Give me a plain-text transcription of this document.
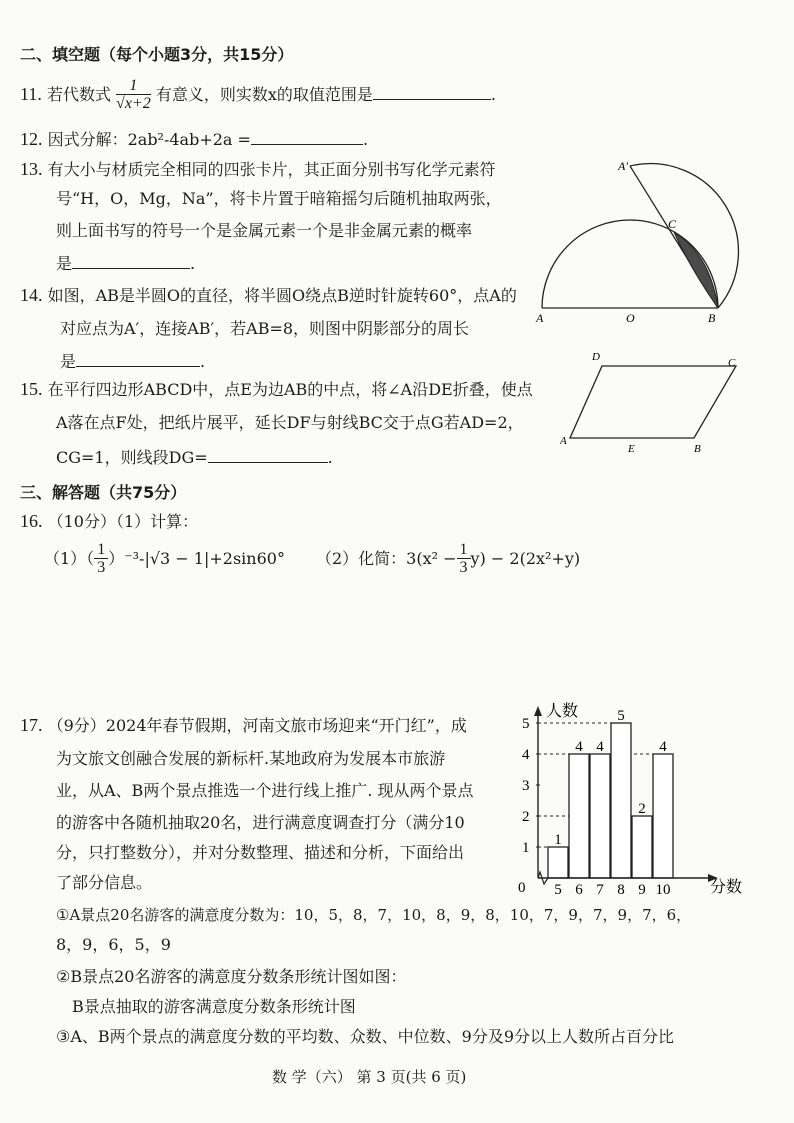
二、填空题（每个小题3分，共15分）
11. 若代数式 $\frac{1}{√x+2}$ 有意义，则实数x的取值范围是	.
12. 因式分解：2ab²-4ab+2a =	.
13. 有大小与材质完全相同的四张卡片，其正面分别书写化学元素符
号“H，O，Mg，Na”，将卡片置于暗箱摇匀后随机抽取两张，
则上面书写的符号一个是金属元素一个是非金属元素的概率
是	.
14. 如图，AB是半圆O的直径，将半圆O绕点B逆时针旋转60°，点A的
对应点为A′，连接AB′，若AB=8，则图中阴影部分的周长
是	.
15. 在平行四边形ABCD中，点E为边AB的中点，将∠A沿DE折叠，使点
A落在点F处，把纸片展平，延长DF与射线BC交于点G若AD=2，
CG=1，则线段DG=	.
三、解答题（共75分）
16. （10分）（1）计算：
$(1)( \frac{1}{3} )^{-3}-|√3 - 1|+2\sin 60^\circ$ （2）化简：$3(x^2 - \frac{1}{3} y) - 2(2x^2+y)$
17. （9分）2024年春节假期，河南文旅市场迎来“开门红”，成
为文旅文创融合发展的新标杆.某地政府为发展本市旅游
业，从A、B两个景点推选一个进行线上推广. 现从两个景点
的游客中各随机抽取20名，进行满意度调查打分（满分10
分，只打整数分），并对分数整理、描述和分析，下面给出
了部分信息。
①A景点20名游客的满意度分数为：10，5，8，7，10，8，9，8，10，7，9，7，9，7，6，
8，9，6，5，9
②B景点20名游客的满意度分数条形统计图如图：
B景点抽取的游客满意度分数条形统计图
③A、B两个景点的满意度分数的平均数、众数、中位数、9分及9分以上人数所占百分比
数 学（六） 第 3 页(共 6 页)
A′
C
A	O	B
D	C
A
E	B
1
2
3
4
5
1
5
4
6
4
7
5
8
2
9
4
10
人数
分数
0
